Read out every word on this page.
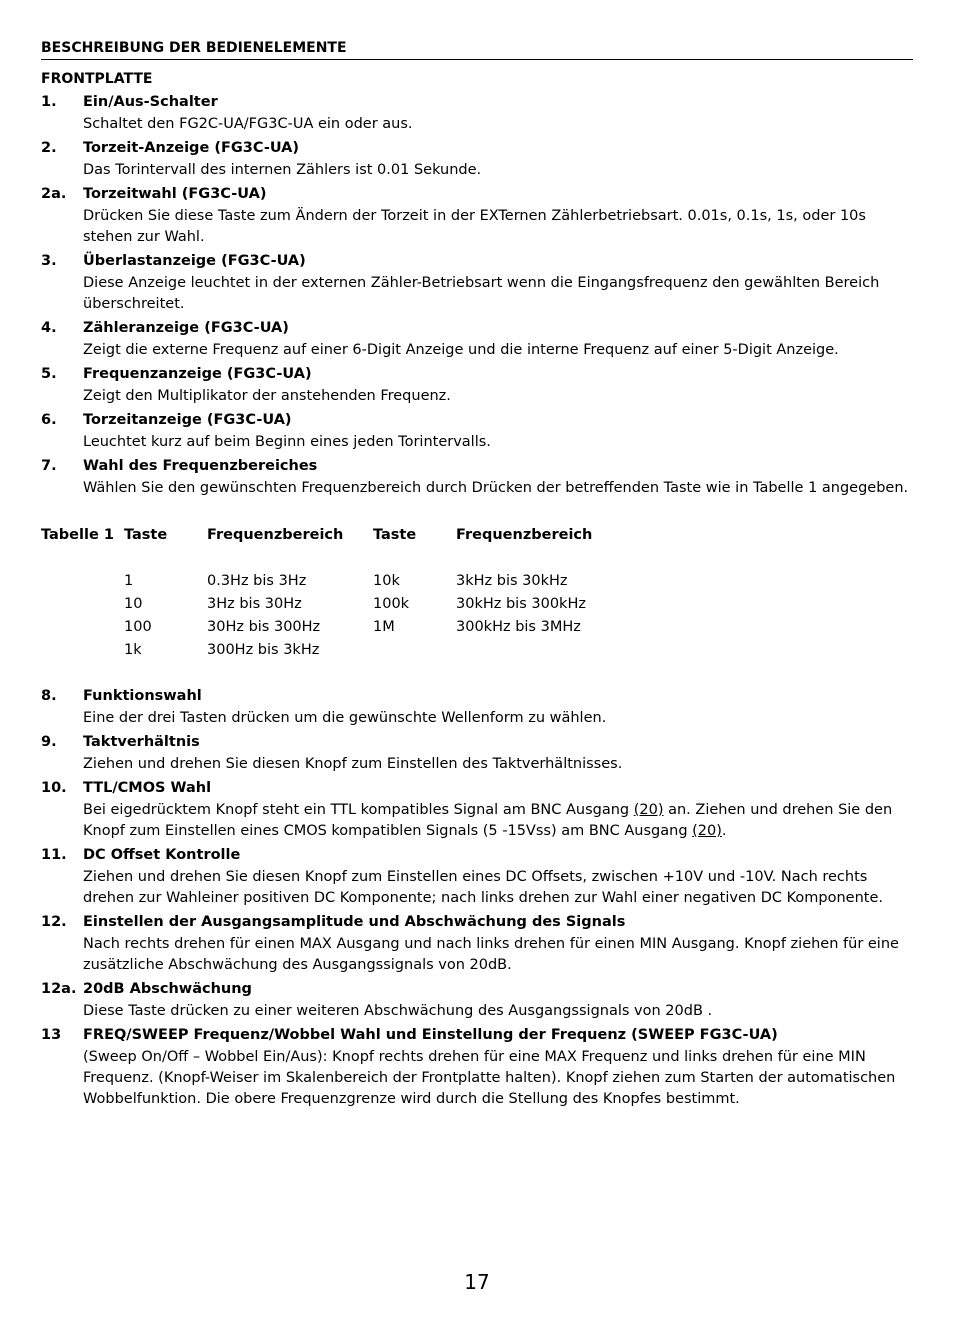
BESCHREIBUNG DER BEDIENELEMENTE
FRONTPLATTE
1.	Ein/Aus-Schalter
Schaltet den FG2C-UA/FG3C-UA ein oder aus.
2.	Torzeit-Anzeige (FG3C-UA)
Das Torintervall des internen Zählers ist 0.01 Sekunde.
2a.	Torzeitwahl (FG3C-UA)
Drücken Sie diese Taste zum Ändern der Torzeit in der EXTernen Zählerbetriebsart. 0.01s, 0.1s, 1s, oder 10s stehen zur Wahl.
3.	Überlastanzeige (FG3C-UA)
Diese Anzeige leuchtet in der externen Zähler-Betriebsart wenn die Eingangsfrequenz den gewählten Bereich überschreitet.
4.	Zähleranzeige (FG3C-UA)
Zeigt die externe Frequenz auf einer 6-Digit Anzeige und die interne Frequenz auf einer 5-Digit Anzeige.
5.	Frequenzanzeige (FG3C-UA)
Zeigt den Multiplikator der anstehenden Frequenz.
6.	Torzeitanzeige (FG3C-UA)
Leuchtet kurz auf beim Beginn eines jeden Torintervalls.
7.	Wahl des Frequenzbereiches
Wählen Sie den gewünschten Frequenzbereich durch Drücken der betreffenden Taste wie in Tabelle 1 angegeben.
Tabelle 1 Taste	Frequenzbereich	Taste	Frequenzbereich
1	0.3Hz bis 3Hz	10k	3kHz bis 30kHz
10	3Hz bis 30Hz	100k	30kHz bis 300kHz
100	30Hz bis 300Hz	1M	300kHz bis 3MHz
1k	300Hz bis 3kHz
8.	Funktionswahl
Eine der drei Tasten drücken um die gewünschte Wellenform zu wählen.
9.	Taktverhältnis
Ziehen und drehen Sie diesen Knopf zum Einstellen des Taktverhältnisses.
10.	TTL/CMOS Wahl
Bei eigedrücktem Knopf steht ein TTL kompatibles Signal am BNC Ausgang (20) an. Ziehen und drehen Sie den Knopf zum Einstellen eines CMOS kompatiblen Signals (5 -15Vss) am BNC Ausgang (20).
11.	DC Offset Kontrolle
Ziehen und drehen Sie diesen Knopf zum Einstellen eines DC Offsets, zwischen +10V und -10V. Nach rechts drehen zur Wahleiner positiven DC Komponente; nach links drehen zur Wahl einer negativen DC Komponente.
12.	Einstellen der Ausgangsamplitude und Abschwächung des Signals
Nach rechts drehen für einen MAX Ausgang und nach links drehen für einen MIN Ausgang. Knopf ziehen für eine zusätzliche Abschwächung des Ausgangssignals von 20dB.
12a. 20dB Abschwächung
Diese Taste drücken zu einer weiteren Abschwächung des Ausgangssignals von 20dB .
13	FREQ/SWEEP Frequenz/Wobbel Wahl und Einstellung der Frequenz (SWEEP FG3C-UA)
(Sweep On/Off – Wobbel Ein/Aus): Knopf rechts drehen für eine MAX Frequenz und links drehen für eine MIN Frequenz. (Knopf-Weiser im Skalenbereich der Frontplatte halten). Knopf ziehen zum Starten der automatischen Wobbelfunktion. Die obere Frequenzgrenze wird durch die Stellung des Knopfes bestimmt.
17
